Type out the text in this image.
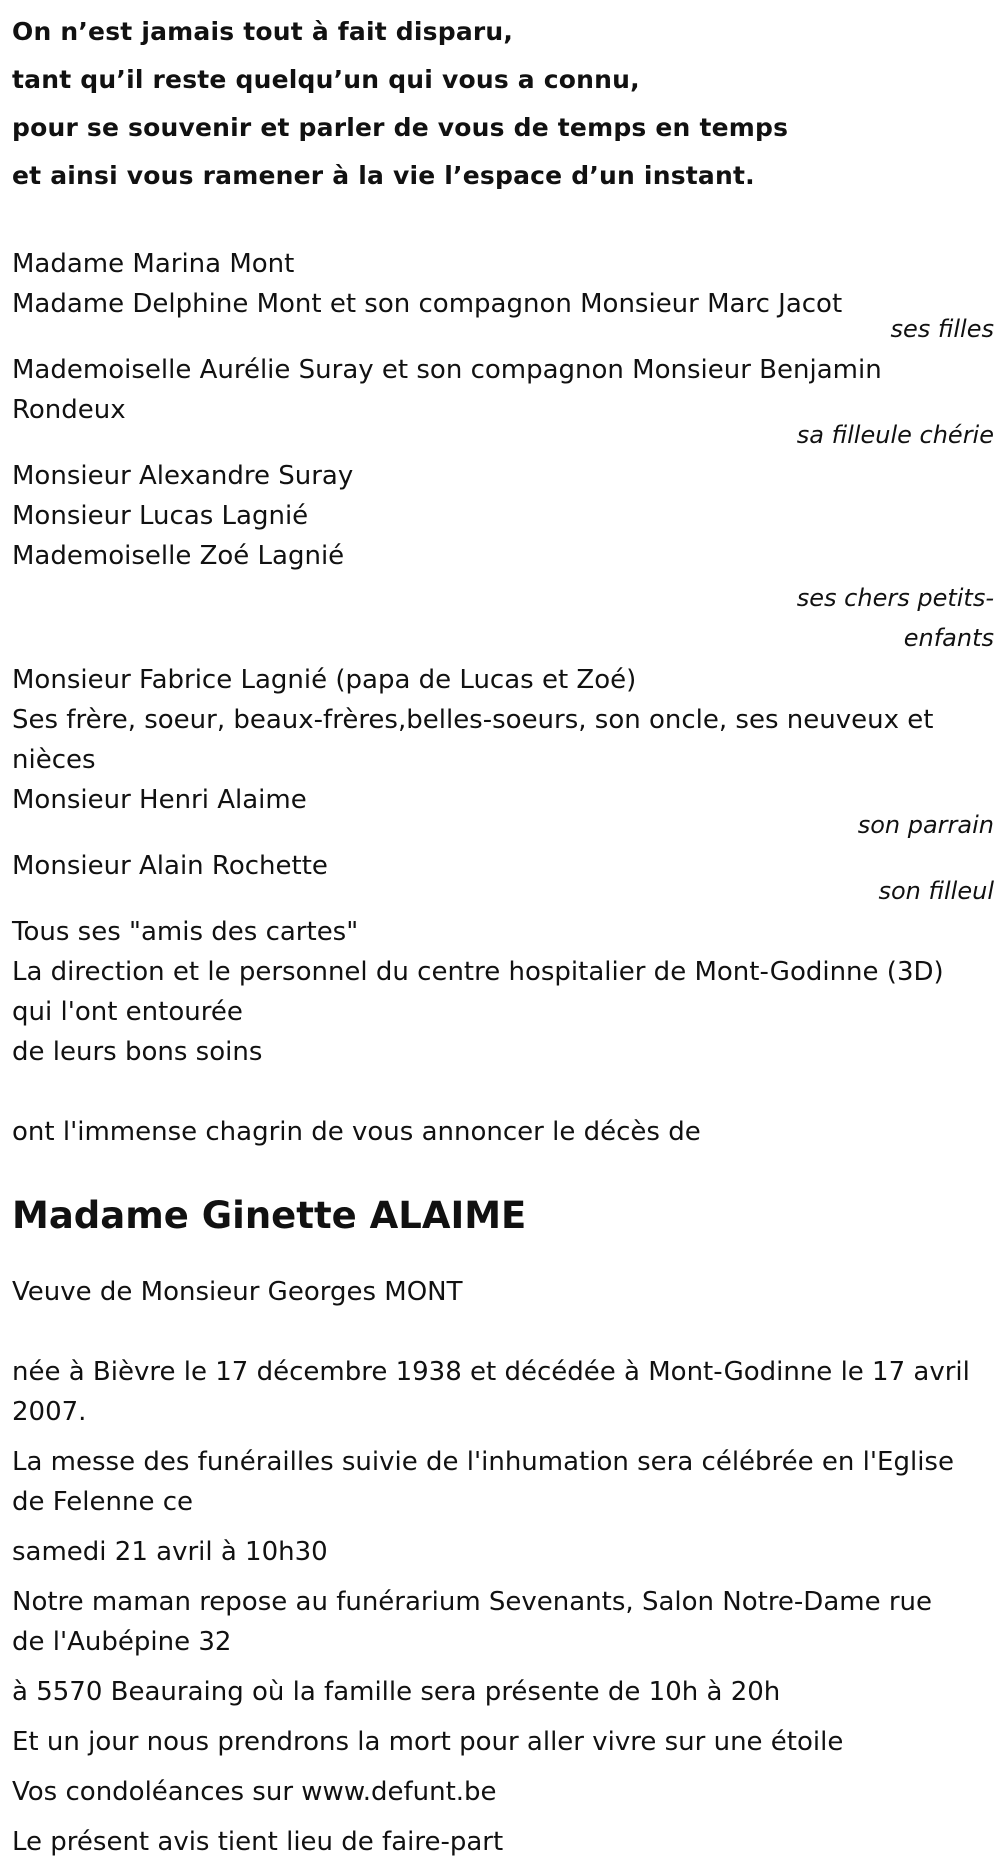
On n’est jamais tout à fait disparu,
tant qu’il reste quelqu’un qui vous a connu,
pour se souvenir et parler de vous de temps en temps
et ainsi vous ramener à la vie l’espace d’un instant.
Madame Marina Mont
Madame Delphine Mont et son compagnon Monsieur Marc Jacot
ses filles
Mademoiselle Aurélie Suray et son compagnon Monsieur Benjamin
Rondeux
sa filleule chérie
Monsieur Alexandre Suray
Monsieur Lucas Lagnié
Mademoiselle Zoé Lagnié
ses chers petits-
enfants
Monsieur Fabrice Lagnié (papa de Lucas et Zoé)
Ses frère, soeur, beaux-frères,belles-soeurs, son oncle, ses neuveux et
nièces
Monsieur Henri Alaime
son parrain
Monsieur Alain Rochette
son filleul
Tous ses "amis des cartes"
La direction et le personnel du centre hospitalier de Mont-Godinne (3D)
qui l'ont entourée
de leurs bons soins
ont l'immense chagrin de vous annoncer le décès de
Madame Ginette ALAIME
Veuve de Monsieur Georges MONT
née à Bièvre le 17 décembre 1938 et décédée à Mont-Godinne le 17 avril
2007.
La messe des funérailles suivie de l'inhumation sera célébrée en l'Eglise
de Felenne ce
samedi 21 avril à 10h30
Notre maman repose au funérarium Sevenants, Salon Notre-Dame rue
de l'Aubépine 32
à 5570 Beauraing où la famille sera présente de 10h à 20h
Et un jour nous prendrons la mort pour aller vivre sur une étoile
Vos condoléances sur www.defunt.be
Le présent avis tient lieu de faire-part
